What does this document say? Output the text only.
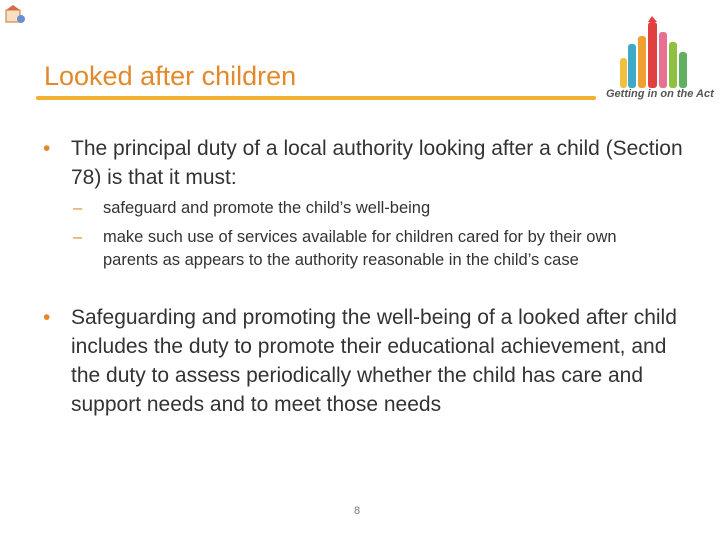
Looked after children
Getting in on the Act
• The principal duty of a local authority looking after a child (Section 78) is that it must:
– safeguard and promote the child’s well-being
– make such use of services available for children cared for by their own parents as appears to the authority reasonable in the child’s case
• Safeguarding and promoting the well-being of a looked after child includes the duty to promote their educational achievement, and the duty to assess periodically whether the child has care and support needs and to meet those needs
8
